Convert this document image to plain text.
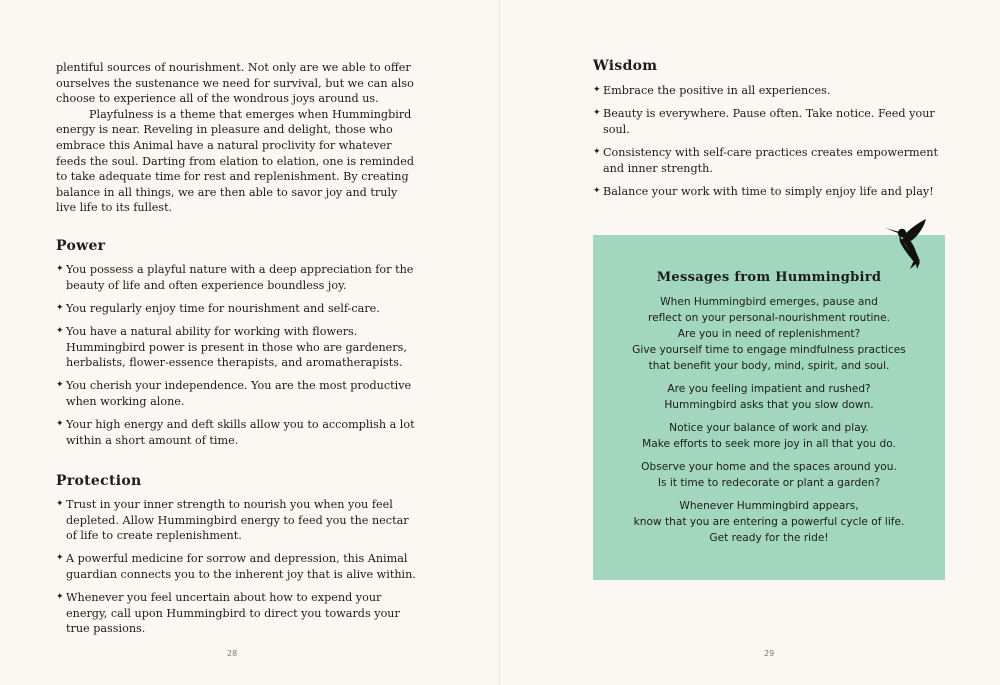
plentiful sources of nourishment. Not only are we able to offer ourselves the sustenance we need for survival, but we can also choose to experience all of the wondrous joys around us.

Playfulness is a theme that emerges when Hummingbird energy is near. Reveling in pleasure and delight, those who embrace this Animal have a natural proclivity for whatever feeds the soul. Darting from elation to elation, one is reminded to take adequate time for rest and replenishment. By creating balance in all things, we are then able to savor joy and truly live life to its fullest.

Power
✦ You possess a playful nature with a deep appreciation for the beauty of life and often experience boundless joy.
✦ You regularly enjoy time for nourishment and self-care.
✦ You have a natural ability for working with flowers. Hummingbird power is present in those who are gardeners, herbalists, flower-essence therapists, and aromatherapists.
✦ You cherish your independence. You are the most productive when working alone.
✦ Your high energy and deft skills allow you to accomplish a lot within a short amount of time.
Protection
✦ Trust in your inner strength to nourish you when you feel depleted. Allow Hummingbird energy to feed you the nectar of life to create replenishment.
✦ A powerful medicine for sorrow and depression, this Animal guardian connects you to the inherent joy that is alive within.
✦ Whenever you feel uncertain about how to expend your energy, call upon Hummingbird to direct you towards your true passions.
28
Wisdom
✦ Embrace the positive in all experiences.
✦ Beauty is everywhere. Pause often. Take notice. Feed your soul.
✦ Consistency with self-care practices creates empowerment and inner strength.
✦ Balance your work with time to simply enjoy life and play!
Messages from Hummingbird

When Hummingbird emerges, pause and
reflect on your personal-nourishment routine.
Are you in need of replenishment?
Give yourself time to engage mindfulness practices
that benefit your body, mind, spirit, and soul.

Are you feeling impatient and rushed?
Hummingbird asks that you slow down.

Notice your balance of work and play.
Make efforts to seek more joy in all that you do.

Observe your home and the spaces around you.
Is it time to redecorate or plant a garden?

Whenever Hummingbird appears,
know that you are entering a powerful cycle of life.
Get ready for the ride!

29
